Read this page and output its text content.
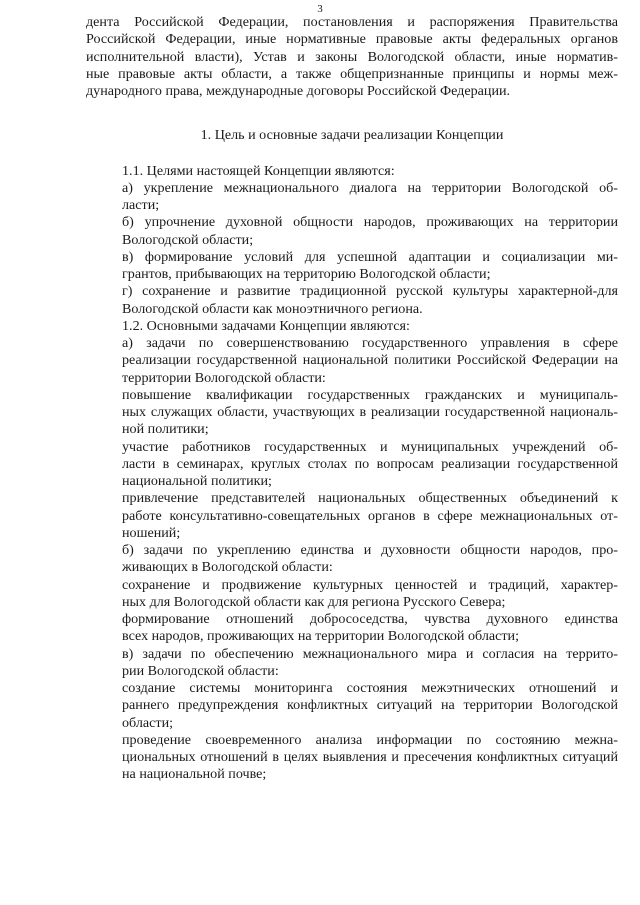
3
дента Российской Федерации, постановления и распоряжения Правительства
Российской Федерации, иные нормативные правовые акты федеральных органов
исполнительной власти), Устав и законы Вологодской области, иные норматив-
ные правовые акты области, а также общепризнанные принципы и нормы меж-
дународного права, международные договоры Российской Федерации.
1. Цель и основные задачи реализации Концепции
1.1. Целями настоящей Концепции являются:
а) укрепление межнационального диалога на территории Вологодской об-
ласти;
б) упрочнение духовной общности народов, проживающих на территории
Вологодской области;
в) формирование условий для успешной адаптации и социализации ми-
грантов, прибывающих на территорию Вологодской области;
г) сохранение и развитие традиционной русской культуры характерной-для
Вологодской области как моноэтничного региона.
1.2. Основными задачами Концепции являются:
а) задачи по совершенствованию государственного управления в сфере
реализации государственной национальной политики Российской Федерации на
территории Вологодской области:
повышение квалификации государственных гражданских и муниципаль-
ных служащих области, участвующих в реализации государственной националь-
ной политики;
участие работников государственных и муниципальных учреждений об-
ласти в семинарах, круглых столах по вопросам реализации государственной
национальной политики;
привлечение представителей национальных общественных объединений к
работе консультативно-совещательных органов в сфере межнациональных от-
ношений;
б) задачи по укреплению единства и духовности общности народов, про-
живающих в Вологодской области:
сохранение и продвижение культурных ценностей и традиций, характер-
ных для Вологодской области как для региона Русского Севера;
формирование отношений добрососедства, чувства духовного единства
всех народов, проживающих на территории Вологодской области;
в) задачи по обеспечению межнационального мира и согласия на террито-
рии Вологодской области:
создание системы мониторинга состояния межэтнических отношений и
раннего предупреждения конфликтных ситуаций на территории Вологодской
области;
проведение своевременного анализа информации по состоянию межна-
циональных отношений в целях выявления и пресечения конфликтных ситуаций
на национальной почве;
